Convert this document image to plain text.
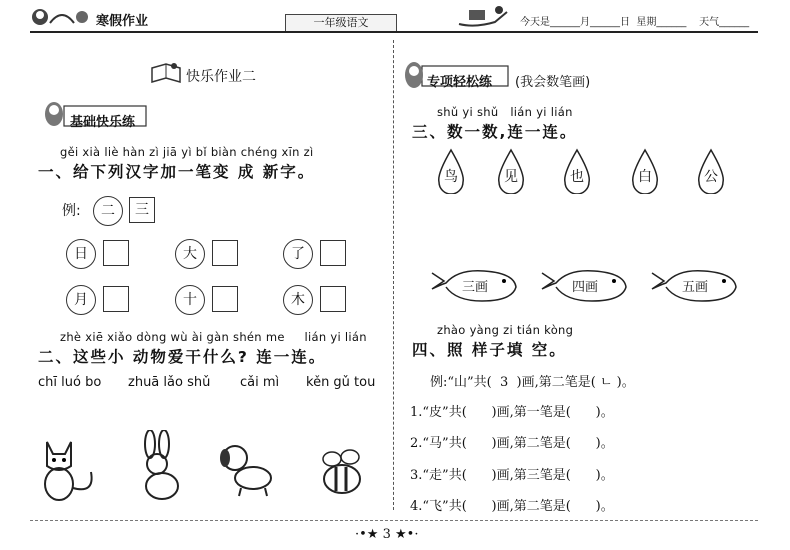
寒假作业	一年级语文	今天是______月______日  星期______    天气______
快乐作业二
基础快乐练
gěi xià liè hàn zì jiā yì bǐ biàn chéng xīn zì
一、给下列汉字加一笔变 成 新字。
例:	二	三
日	大	了
月	十	木
zhè xiē xiǎo dòng wù ài gàn shén me     lián yi lián
二、这些小 动物爱干什么? 连一连。
chī luó bo zhuā lǎo shǔ cǎi mì kěn gǔ tou
专项轻松练 (我会数笔画)
shǔ yi shǔ   lián yi lián
三、数一数,连一连。
鸟	见	也	白	公
三画	四画	五画
zhào yàng zi tián kòng
四、照 样子填 空。
例:“山”共(  3  )画,第二笔是( ㄴ )。
1.“皮”共(      )画,第一笔是(      )。
2.“马”共(      )画,第二笔是(      )。
3.“走”共(      )画,第三笔是(      )。
4.“飞”共(      )画,第二笔是(      )。
·•★ 3 ★•·
